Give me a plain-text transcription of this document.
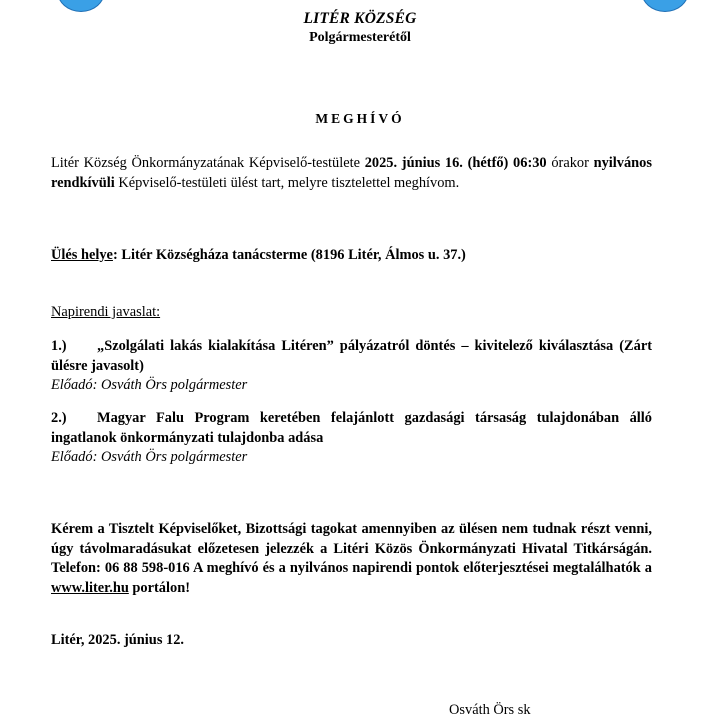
LITÉR KÖZSÉG
Polgármesterétől
MEGHÍVÓ
Litér Község Önkormányzatának Képviselő-testülete 2025. június 16. (hétfő) 06:30 órakor nyilvános rendkívüli Képviselő-testületi ülést tart, melyre tisztelettel meghívom.
Ülés helye: Litér Községháza tanácsterme (8196 Litér, Álmos u. 37.)
Napirendi javaslat:
1.) „Szolgálati lakás kialakítása Litéren” pályázatról döntés – kivitelező kiválasztása (Zárt ülésre javasolt)
Előadó: Osváth Örs polgármester
2.) Magyar Falu Program keretében felajánlott gazdasági társaság tulajdonában álló ingatlanok önkormányzati tulajdonba adása
Előadó: Osváth Örs polgármester
Kérem a Tisztelt Képviselőket, Bizottsági tagokat amennyiben az ülésen nem tudnak részt venni, úgy távolmaradásukat előzetesen jelezzék a Litéri Közös Önkormányzati Hivatal Titkárságán. Telefon: 06 88 598-016 A meghívó és a nyilvános napirendi pontok előterjesztései megtalálhatók a www.liter.hu portálon!
Litér, 2025. június 12.
Osváth Örs sk
